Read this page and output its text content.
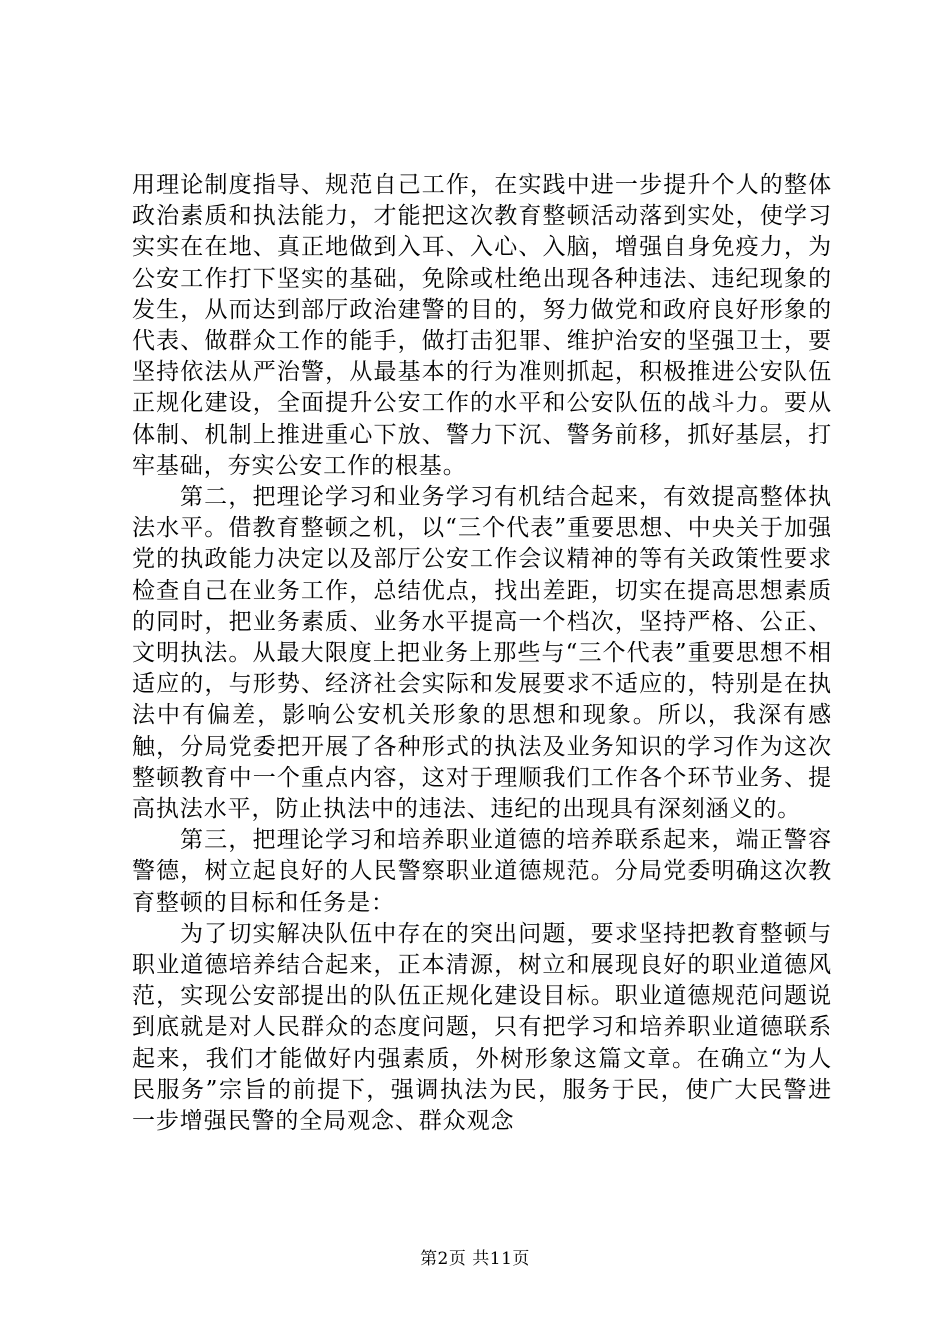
用理论制度指导、规范自己工作，在实践中进一步提升个人的整体政治素质和执法能力，才能把这次教育整顿活动落到实处，使学习实实在在地、真正地做到入耳、入心、入脑，增强自身免疫力，为公安工作打下坚实的基础，免除或杜绝出现各种违法、违纪现象的发生，从而达到部厅政治建警的目的，努力做党和政府良好形象的代表、做群众工作的能手，做打击犯罪、维护治安的坚强卫士，要坚持依法从严治警，从最基本的行为准则抓起，积极推进公安队伍正规化建设，全面提升公安工作的水平和公安队伍的战斗力。要从体制、机制上推进重心下放、警力下沉、警务前移，抓好基层，打牢基础，夯实公安工作的根基。

第二，把理论学习和业务学习有机结合起来，有效提高整体执法水平。借教育整顿之机，以“三个代表”重要思想、中央关于加强党的执政能力决定以及部厅公安工作会议精神的等有关政策性要求检查自己在业务工作，总结优点，找出差距，切实在提高思想素质的同时，把业务素质、业务水平提高一个档次，坚持严格、公正、文明执法。从最大限度上把业务上那些与“三个代表”重要思想不相适应的，与形势、经济社会实际和发展要求不适应的，特别是在执法中有偏差，影响公安机关形象的思想和现象。所以，我深有感触，分局党委把开展了各种形式的执法及业务知识的学习作为这次整顿教育中一个重点内容，这对于理顺我们工作各个环节业务、提高执法水平，防止执法中的违法、违纪的出现具有深刻涵义的。

第三，把理论学习和培养职业道德的培养联系起来，端正警容警德，树立起良好的人民警察职业道德规范。分局党委明确这次教育整顿的目标和任务是：

为了切实解决队伍中存在的突出问题，要求坚持把教育整顿与职业道德培养结合起来，正本清源，树立和展现良好的职业道德风范，实现公安部提出的队伍正规化建设目标。职业道德规范问题说到底就是对人民群众的态度问题，只有把学习和培养职业道德联系起来，我们才能做好内强素质，外树形象这篇文章。在确立“为人民服务”宗旨的前提下，强调执法为民，服务于民，使广大民警进一步增强民警的全局观念、群众观念

第2页 共11页
